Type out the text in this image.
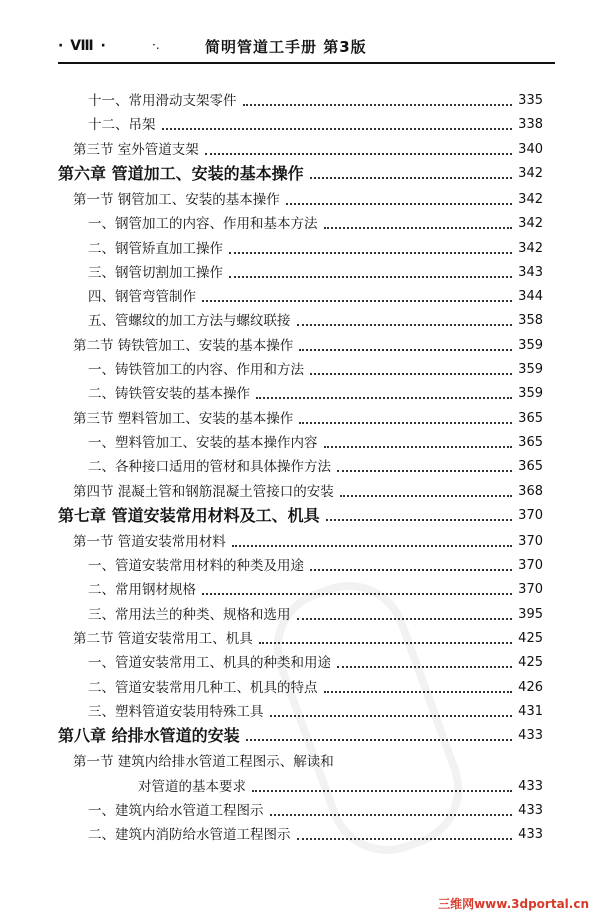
· Ⅷ ·	·.	简明管道工手册 第3版
十一、常用滑动支架零件	335
十二、吊架	338
第三节 室外管道支架	340
第六章 管道加工、安装的基本操作	342
第一节 钢管加工、安装的基本操作	342
一、钢管加工的内容、作用和基本方法	342
二、钢管矫直加工操作	342
三、钢管切割加工操作	343
四、钢管弯管制作	344
五、管螺纹的加工方法与螺纹联接	358
第二节 铸铁管加工、安装的基本操作	359
一、铸铁管加工的内容、作用和方法	359
二、铸铁管安装的基本操作	359
第三节 塑料管加工、安装的基本操作	365
一、塑料管加工、安装的基本操作内容	365
二、各种接口适用的管材和具体操作方法	365
第四节 混凝土管和钢筋混凝土管接口的安装	368
第七章 管道安装常用材料及工、机具	370
第一节 管道安装常用材料	370
一、管道安装常用材料的种类及用途	370
二、常用钢材规格	370
三、常用法兰的种类、规格和选用	395
第二节 管道安装常用工、机具	425
一、管道安装常用工、机具的种类和用途	425
二、管道安装常用几种工、机具的特点	426
三、塑料管道安装用特殊工具	431
第八章 给排水管道的安装	433
第一节 建筑内给排水管道工程图示、解读和
对管道的基本要求	433
一、建筑内给水管道工程图示	433
二、建筑内消防给水管道工程图示	433
三维网www.3dportal.cn
